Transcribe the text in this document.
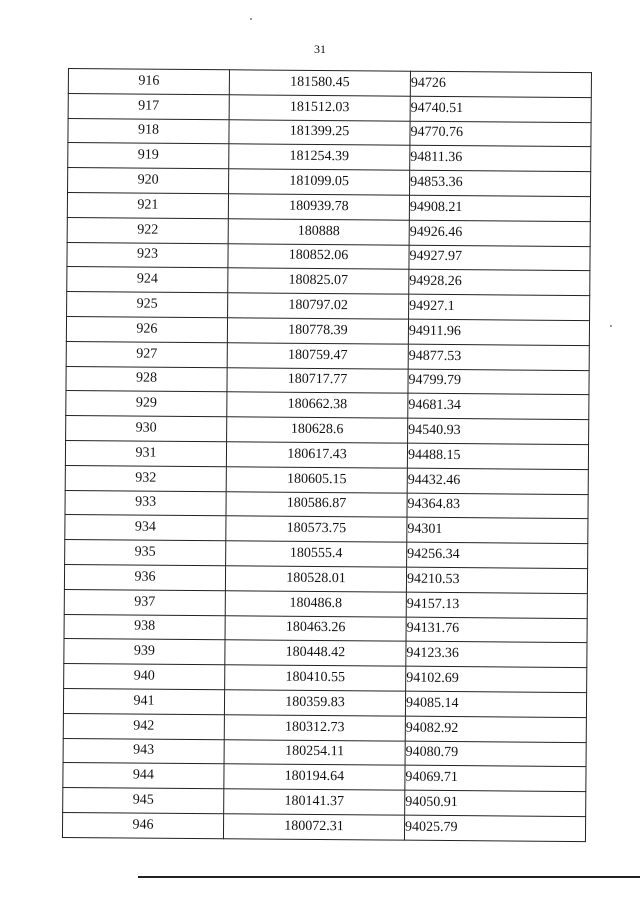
31
916	181580.45	94726
917	181512.03	94740.51
918	181399.25	94770.76
919	181254.39	94811.36
920	181099.05	94853.36
921	180939.78	94908.21
922	180888	94926.46
923	180852.06	94927.97
924	180825.07	94928.26
925	180797.02	94927.1
926	180778.39	94911.96
927	180759.47	94877.53
928	180717.77	94799.79
929	180662.38	94681.34
930	180628.6	94540.93
931	180617.43	94488.15
932	180605.15	94432.46
933	180586.87	94364.83
934	180573.75	94301
935	180555.4	94256.34
936	180528.01	94210.53
937	180486.8	94157.13
938	180463.26	94131.76
939	180448.42	94123.36
940	180410.55	94102.69
941	180359.83	94085.14
942	180312.73	94082.92
943	180254.11	94080.79
944	180194.64	94069.71
945	180141.37	94050.91
946	180072.31	94025.79
